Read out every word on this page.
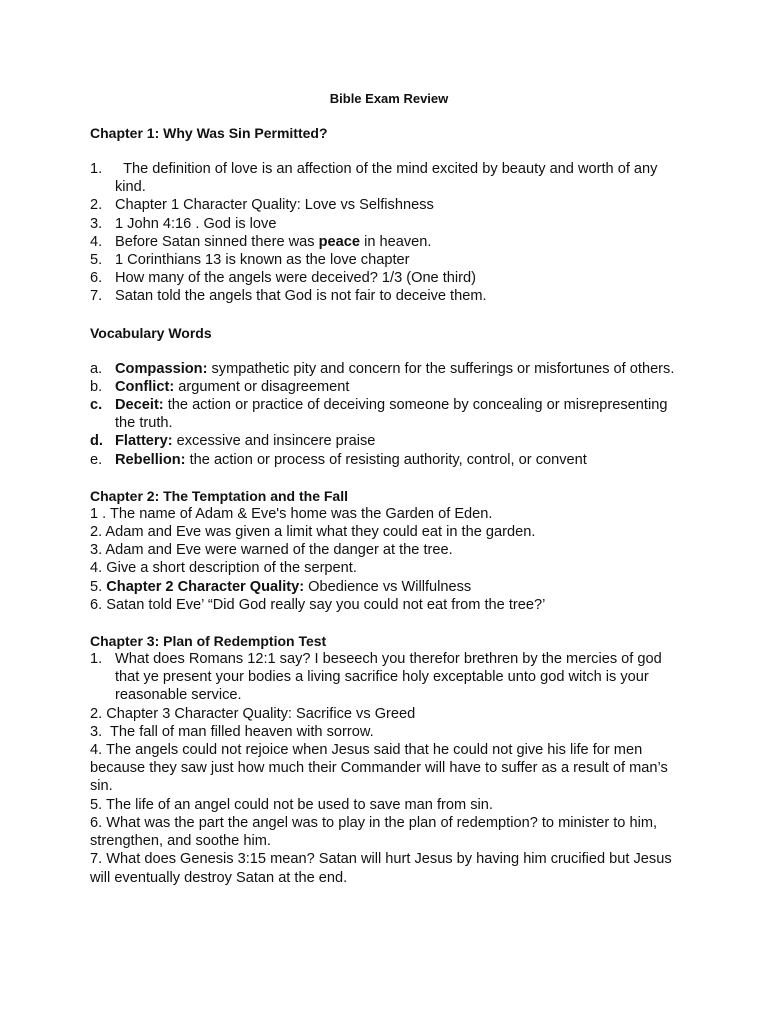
Bible Exam Review
Chapter 1: Why Was Sin Permitted?
1. The definition of love is an affection of the mind excited by beauty and worth of any kind.
2. Chapter 1 Character Quality: Love vs Selfishness
3. 1 John 4:16 . God is love
4. Before Satan sinned there was peace in heaven.
5. 1 Corinthians 13 is known as the love chapter
6. How many of the angels were deceived? 1/3 (One third)
7. Satan told the angels that God is not fair to deceive them.
Vocabulary Words
a. Compassion: sympathetic pity and concern for the sufferings or misfortunes of others.
b. Conflict: argument or disagreement
c. Deceit: the action or practice of deceiving someone by concealing or misrepresenting the truth.
d. Flattery: excessive and insincere praise
e. Rebellion: the action or process of resisting authority, control, or convent
Chapter 2: The Temptation and the Fall
1 . The name of Adam & Eve's home was the Garden of Eden.
2. Adam and Eve was given a limit what they could eat in the garden.
3. Adam and Eve were warned of the danger at the tree.
4. Give a short description of the serpent.
5. Chapter 2 Character Quality: Obedience vs Willfulness
6. Satan told Eve’ “Did God really say you could not eat from the tree?’
Chapter 3: Plan of Redemption Test
1. What does Romans 12:1 say? I beseech you therefor brethren by the mercies of god that ye present your bodies a living sacrifice holy exceptable unto god witch is your reasonable service.
2. Chapter 3 Character Quality: Sacrifice vs Greed
3.  The fall of man filled heaven with sorrow.
4. The angels could not rejoice when Jesus said that he could not give his life for men because they saw just how much their Commander will have to suffer as a result of man’s sin.
5. The life of an angel could not be used to save man from sin.
6. What was the part the angel was to play in the plan of redemption? to minister to him, strengthen, and soothe him.
7. What does Genesis 3:15 mean? Satan will hurt Jesus by having him crucified but Jesus will eventually destroy Satan at the end.
